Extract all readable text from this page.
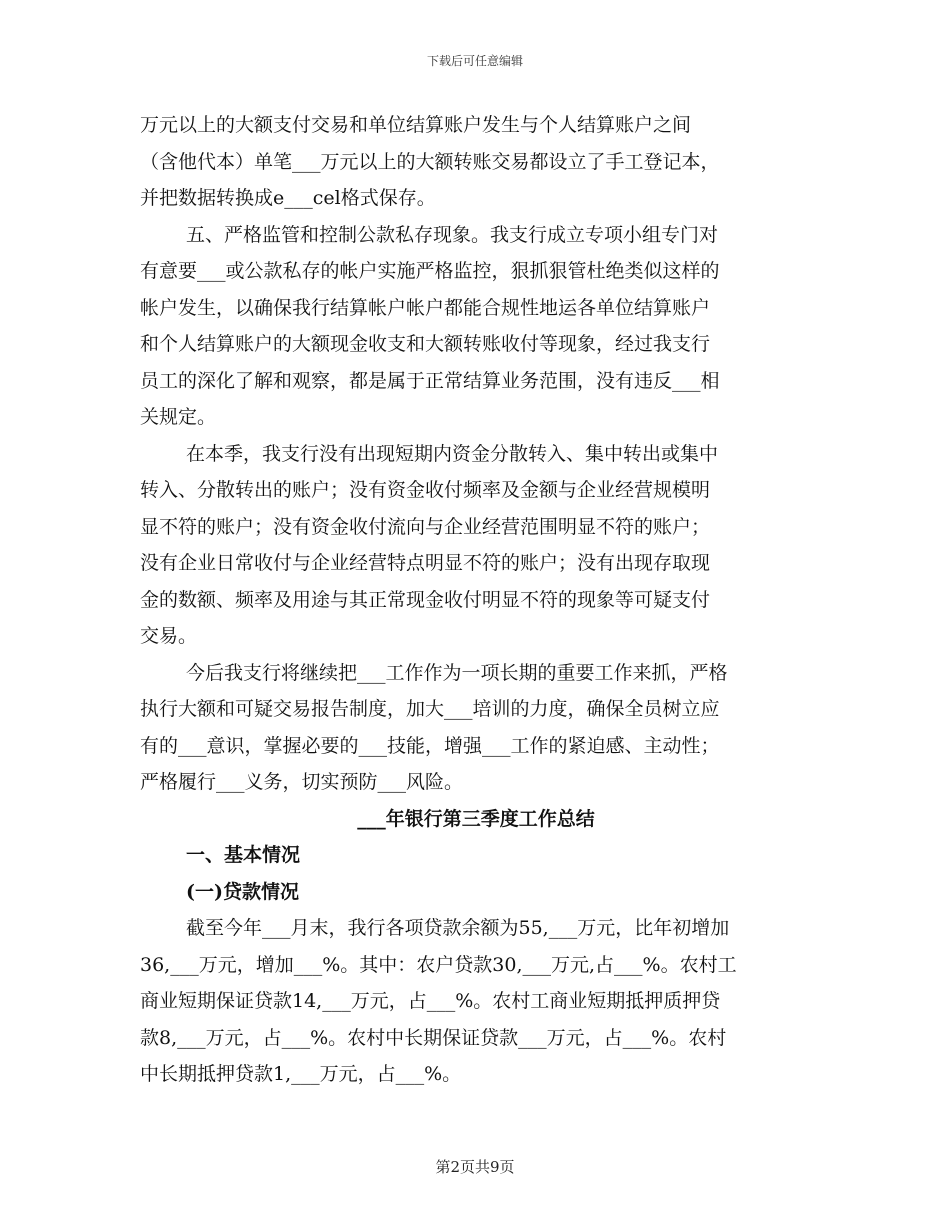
下载后可任意编辑
万元以上的大额支付交易和单位结算账户发生与个人结算账户之间
（含他代本）单笔___万元以上的大额转账交易都设立了手工登记本，
并把数据转换成e___cel格式保存。
五、严格监管和控制公款私存现象。我支行成立专项小组专门对
有意要___或公款私存的帐户实施严格监控，狠抓狠管杜绝类似这样的
帐户发生，以确保我行结算帐户帐户都能合规性地运各单位结算账户
和个人结算账户的大额现金收支和大额转账收付等现象，经过我支行
员工的深化了解和观察，都是属于正常结算业务范围，没有违反___相
关规定。
在本季，我支行没有出现短期内资金分散转入、集中转出或集中
转入、分散转出的账户；没有资金收付频率及金额与企业经营规模明
显不符的账户；没有资金收付流向与企业经营范围明显不符的账户；
没有企业日常收付与企业经营特点明显不符的账户；没有出现存取现
金的数额、频率及用途与其正常现金收付明显不符的现象等可疑支付
交易。
今后我支行将继续把___工作作为一项长期的重要工作来抓，严格
执行大额和可疑交易报告制度，加大___培训的力度，确保全员树立应
有的___意识，掌握必要的___技能，增强___工作的紧迫感、主动性；
严格履行___义务，切实预防___风险。
___年银行第三季度工作总结
一、基本情况
(一)贷款情况
截至今年___月末，我行各项贷款余额为55,___万元，比年初增加
36,___万元，增加___%。其中：农户贷款30,___万元,占___%。农村工
商业短期保证贷款14,___万元，占___%。农村工商业短期抵押质押贷
款8,___万元，占___%。农村中长期保证贷款___万元，占___%。农村
中长期抵押贷款1,___万元，占___%。
第2页共9页
